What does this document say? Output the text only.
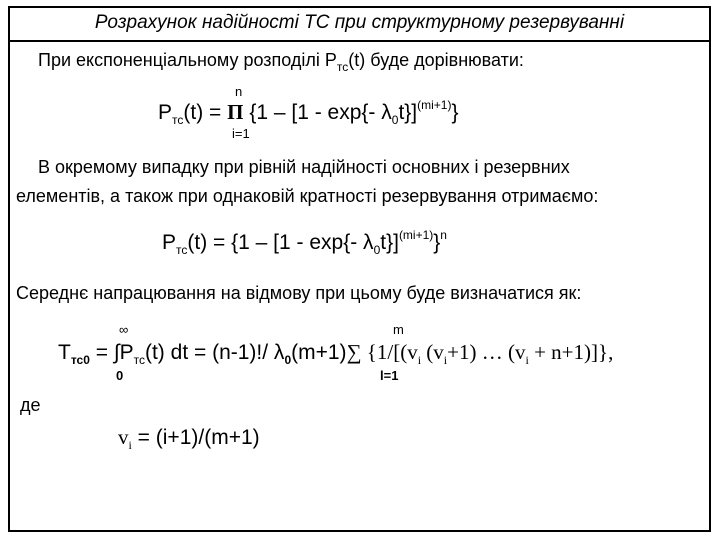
Розрахунок надійності ТС при структурному резервуванні
При експоненціальному розподілі $P_{тс}(t)$ буде дорівнювати:
n
$P_{тс}(t) = П$ {1 – [1 - exp{- $\lambda_0t\}]^{(mi+1)}$}
i=1
В окремому випадку при рівній надійності основних і резервних
елементів, а також при однаковій кратності резервування отримаємо:
$P_{тс}(t) = \{1 - [1 - \exp\{-$ $\lambda_0t\}]^{(mi+1)}\}^n$
Середнє напрацювання на відмову при цьому буде визначатися як:
∞	m
$T_{тс0} = \int P_{тс}(t)$ dt = (n-1)!/ $\lambda_0(m+1)\sum$ {$1/[(v_i$ $(v_i+1)$ … $(v_i + n+1)$]},
0	l=1
де
$v_i = (i+1)/(m+1)$
